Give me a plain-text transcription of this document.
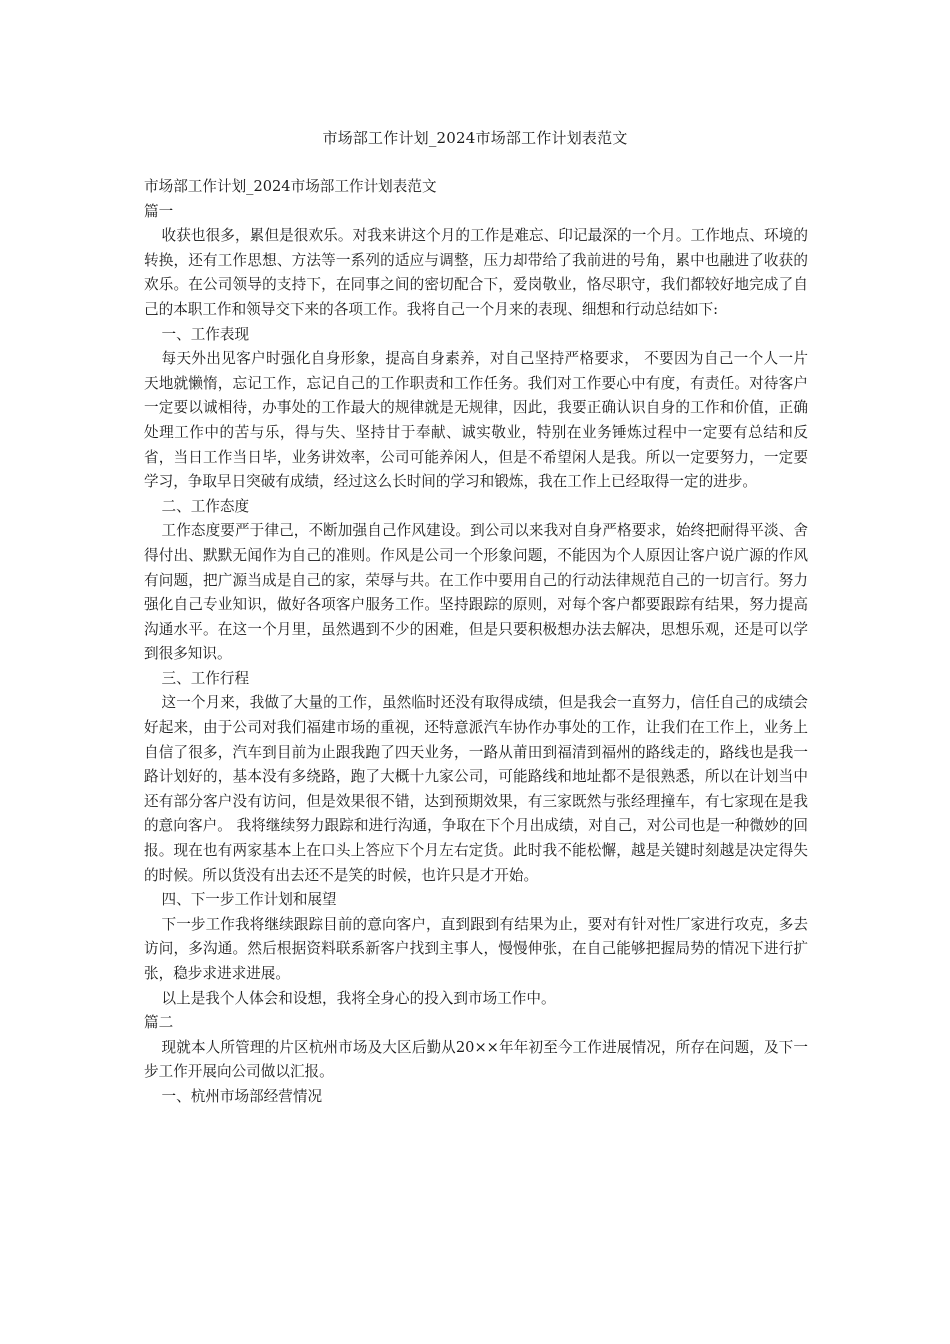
市场部工作计划_2024市场部工作计划表范文

市场部工作计划_2024市场部工作计划表范文

篇一

收获也很多，累但是很欢乐。对我来讲这个月的工作是难忘、印记最深的一个月。工作地点、环境的转换，还有工作思想、方法等一系列的适应与调整，压力却带给了我前进的号角，累中也融进了收获的欢乐。在公司领导的支持下，在同事之间的密切配合下，爱岗敬业，恪尽职守，我们都较好地完成了自己的本职工作和领导交下来的各项工作。我将自己一个月来的表现、细想和行动总结如下:

一、工作表现

每天外出见客户时强化自身形象，提高自身素养，对自己坚持严格要求， 不要因为自己一个人一片天地就懒惰，忘记工作，忘记自己的工作职责和工作任务。我们对工作要心中有度，有责任。对待客户一定要以诚相待，办事处的工作最大的规律就是无规律，因此，我要正确认识自身的工作和价值，正确处理工作中的苦与乐，得与失、坚持甘于奉献、诚实敬业，特别在业务锤炼过程中一定要有总结和反省，当日工作当日毕，业务讲效率，公司可能养闲人，但是不希望闲人是我。所以一定要努力，一定要学习，争取早日突破有成绩，经过这么长时间的学习和锻炼，我在工作上已经取得一定的进步。

二、工作态度

工作态度要严于律己，不断加强自己作风建设。到公司以来我对自身严格要求，始终把耐得平淡、舍得付出、默默无闻作为自己的准则。作风是公司一个形象问题，不能因为个人原因让客户说广源的作风有问题，把广源当成是自己的家，荣辱与共。在工作中要用自己的行动法律规范自己的一切言行。努力强化自己专业知识，做好各项客户服务工作。坚持跟踪的原则，对每个客户都要跟踪有结果，努力提高沟通水平。在这一个月里，虽然遇到不少的困难，但是只要积极想办法去解决，思想乐观，还是可以学到很多知识。

三、工作行程

这一个月来，我做了大量的工作，虽然临时还没有取得成绩，但是我会一直努力，信任自己的成绩会好起来，由于公司对我们福建市场的重视，还特意派汽车协作办事处的工作，让我们在工作上，业务上自信了很多，汽车到目前为止跟我跑了四天业务，一路从莆田到福清到福州的路线走的，路线也是我一路计划好的，基本没有多绕路，跑了大概十九家公司，可能路线和地址都不是很熟悉，所以在计划当中还有部分客户没有访问，但是效果很不错，达到预期效果，有三家既然与张经理撞车，有七家现在是我的意向客户。 我将继续努力跟踪和进行沟通，争取在下个月出成绩，对自己，对公司也是一种微妙的回报。现在也有两家基本上在口头上答应下个月左右定货。此时我不能松懈，越是关键时刻越是决定得失的时候。所以货没有出去还不是笑的时候，也许只是才开始。

四、下一步工作计划和展望

下一步工作我将继续跟踪目前的意向客户，直到跟到有结果为止，要对有针对性厂家进行攻克，多去访问，多沟通。然后根据资料联系新客户找到主事人，慢慢伸张，在自己能够把握局势的情况下进行扩张，稳步求进求进展。

以上是我个人体会和设想，我将全身心的投入到市场工作中。

篇二

现就本人所管理的片区杭州市场及大区后勤从20××年年初至今工作进展情况，所存在问题，及下一步工作开展向公司做以汇报。

一、杭州市场部经营情况
